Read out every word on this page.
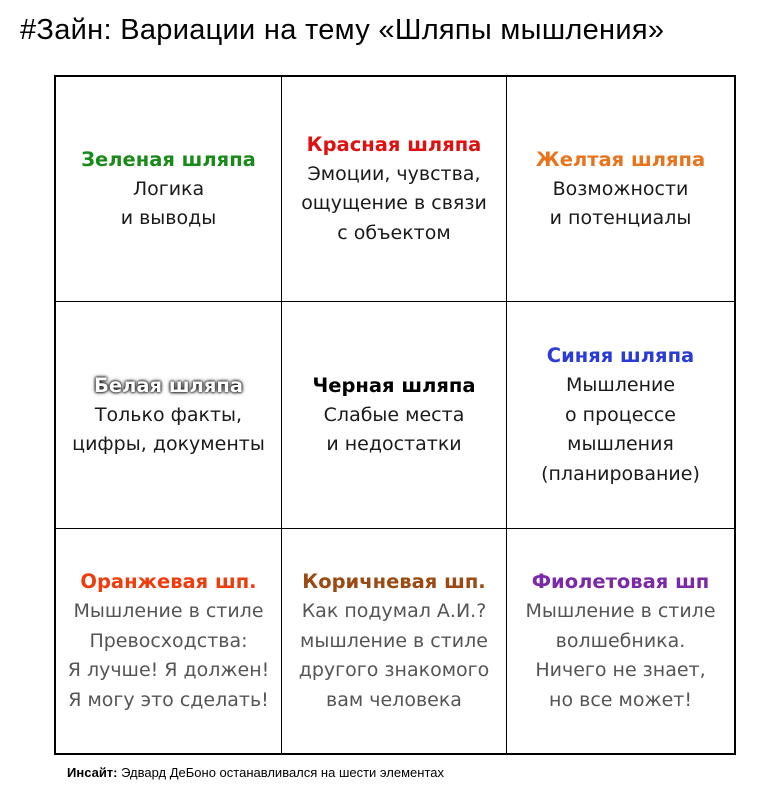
#Зайн: Вариации на тему «Шляпы мышления»
Зеленая шляпа
Логика
и выводы
Красная шляпа
Эмоции, чувства,
ощущение в связи
с объектом
Желтая шляпа
Возможности
и потенциалы
Белая шляпа
Только факты,
цифры, документы
Черная шляпа
Слабые места
и недостатки
Синяя шляпа
Мышление
о процессе
мышления
(планирование)
Оранжевая шп.
Мышление в стиле
Превосходства:
Я лучше! Я должен!
Я могу это сделать!
Коричневая шп.
Как подумал А.И.?
мышление в стиле
другого знакомого
вам человека
Фиолетовая шп
Мышление в стиле
волшебника.
Ничего не знает,
но все может!
Инсайт: Эдвард ДеБоно останавливался на шести элементах
